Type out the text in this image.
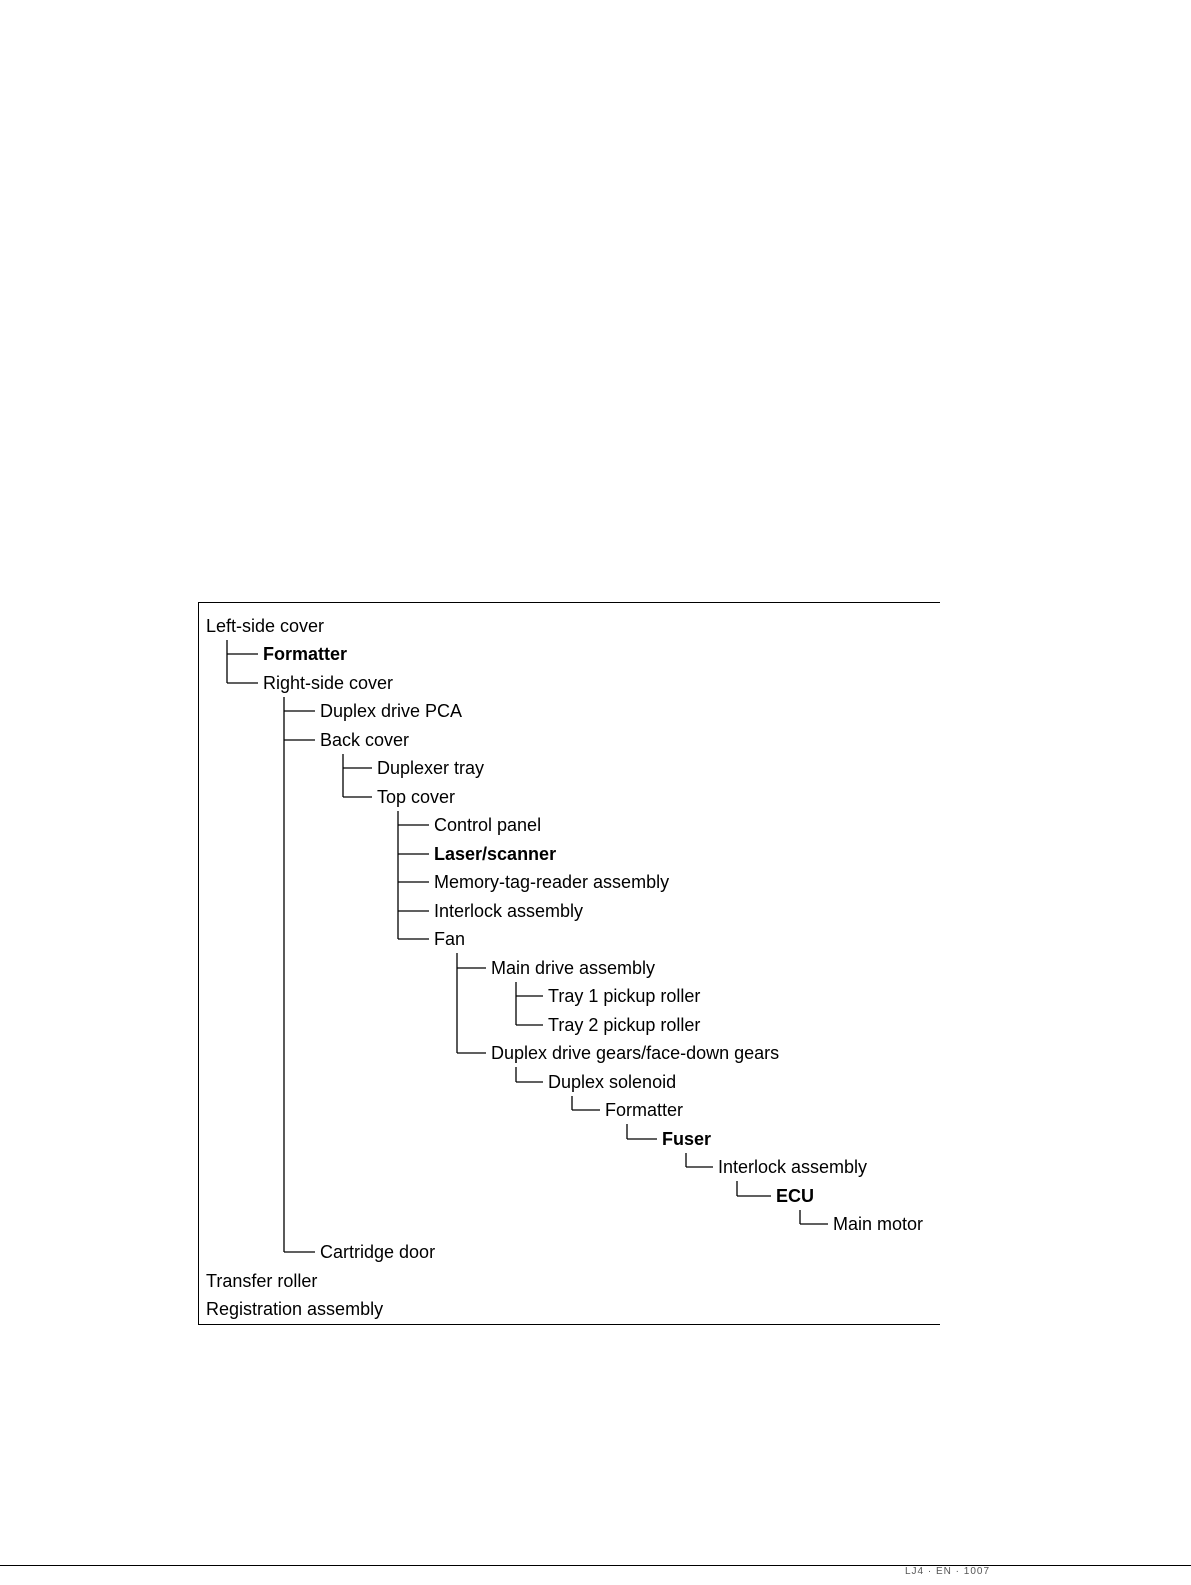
Left-side cover
Formatter
Right-side cover
Duplex drive PCA
Back cover
Duplexer tray
Top cover
Control panel
Laser/scanner
Memory-tag-reader assembly
Interlock assembly
Fan
Main drive assembly
Tray 1 pickup roller
Tray 2 pickup roller
Duplex drive gears/face-down gears
Duplex solenoid
Formatter
Fuser
Interlock assembly
ECU
Main motor
Cartridge door
Transfer roller
Registration assembly
LJ4 · EN · 1007
